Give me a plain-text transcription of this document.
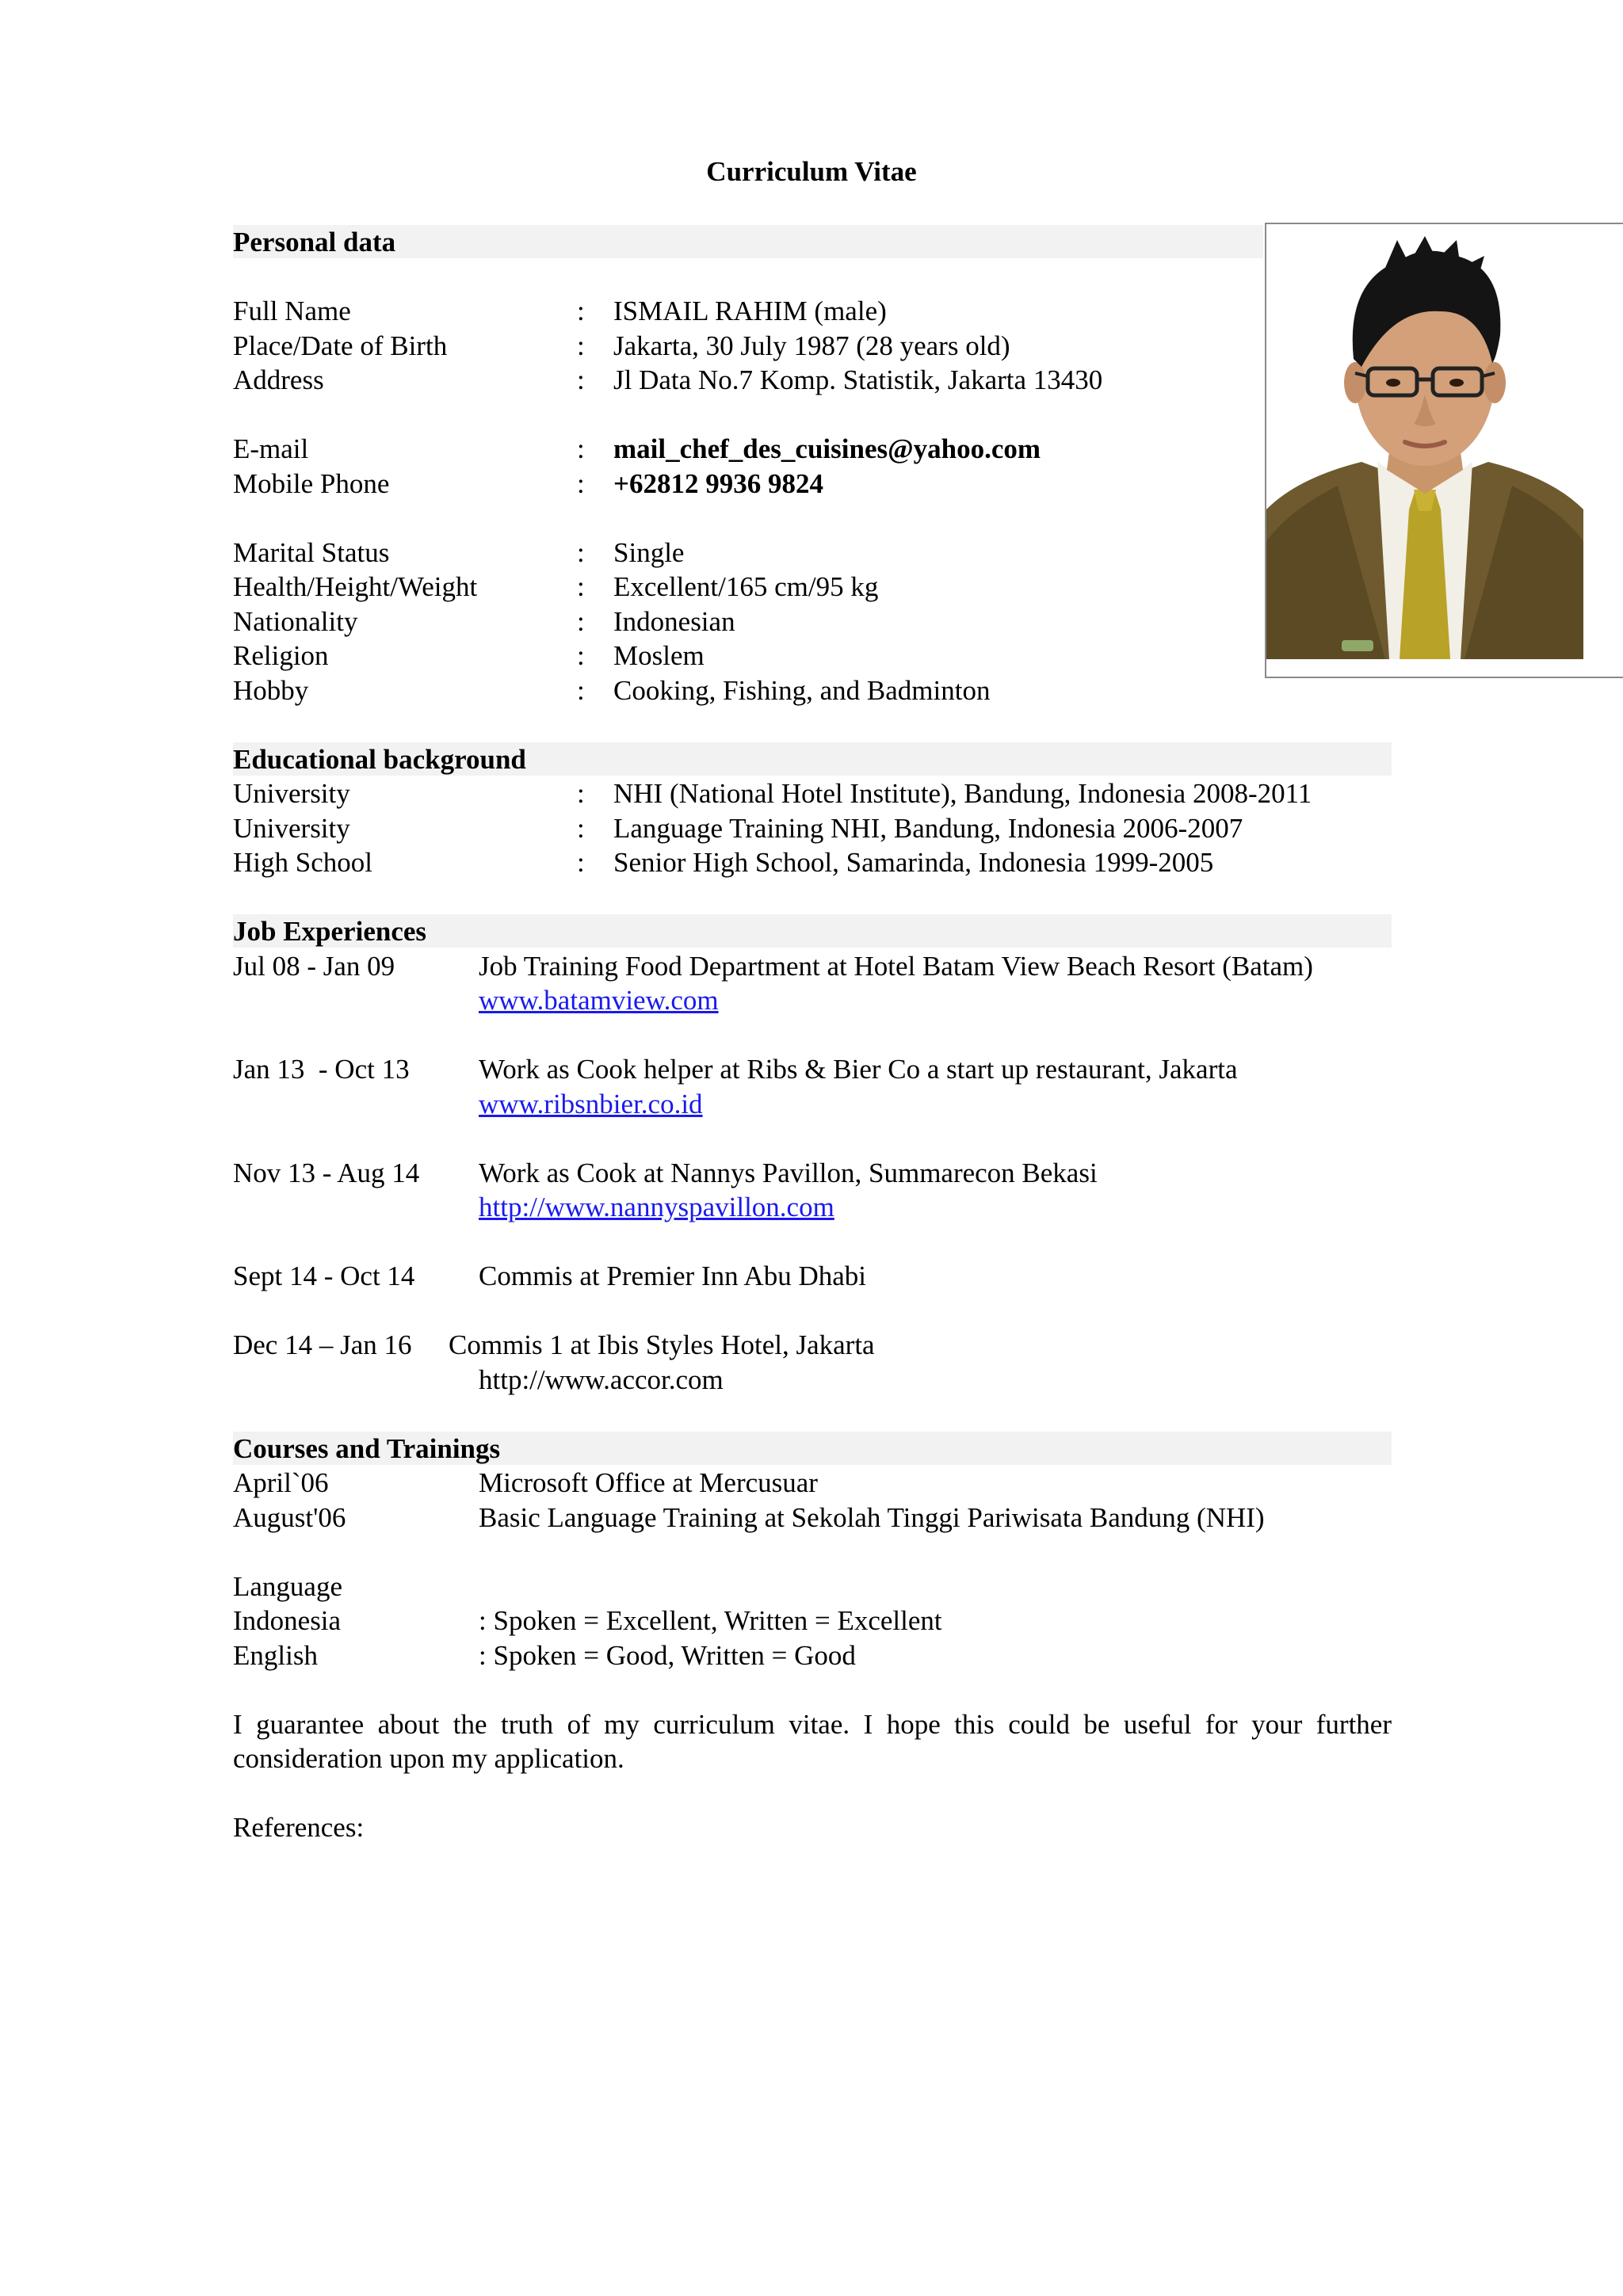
Curriculum Vitae
Personal data
Full Name	: ISMAIL RAHIM (male)
Place/Date of Birth	: Jakarta, 30 July 1987 (28 years old)
Address	: Jl Data No.7 Komp. Statistik, Jakarta 13430
E-mail	: mail_chef_des_cuisines@yahoo.com
Mobile Phone	: +62812 9936 9824
Marital Status	: Single
Health/Height/Weight	: Excellent/165 cm/95 kg
Nationality	: Indonesian
Religion	: Moslem
Hobby	: Cooking, Fishing, and Badminton
Educational background
University	: NHI (National Hotel Institute), Bandung, Indonesia 2008-2011
University	: Language Training NHI, Bandung, Indonesia 2006-2007
High School	: Senior High School, Samarinda, Indonesia 1999-2005
Job Experiences
Jul 08 - Jan 09	Job Training Food Department at Hotel Batam View Beach Resort (Batam)
www.batamview.com
Jan 13  - Oct 13 Work as Cook helper at Ribs & Bier Co a start up restaurant, Jakarta
www.ribsnbier.co.id
Nov 13 - Aug 14 Work as Cook at Nannys Pavillon, Summarecon Bekasi
http://www.nannyspavillon.com
Sept 14 - Oct 14 Commis at Premier Inn Abu Dhabi
Dec 14 – Jan 16 Commis 1 at Ibis Styles Hotel, Jakarta
http://www.accor.com
Courses and Trainings
April`06	Microsoft Office at Mercusuar
August'06	Basic Language Training at Sekolah Tinggi Pariwisata Bandung (NHI)
Language
Indonesia	: Spoken = Excellent, Written = Excellent
English	: Spoken = Good, Written = Good
I guarantee about the truth of my curriculum vitae. I hope this could be useful for your further consideration upon my application.
References:
